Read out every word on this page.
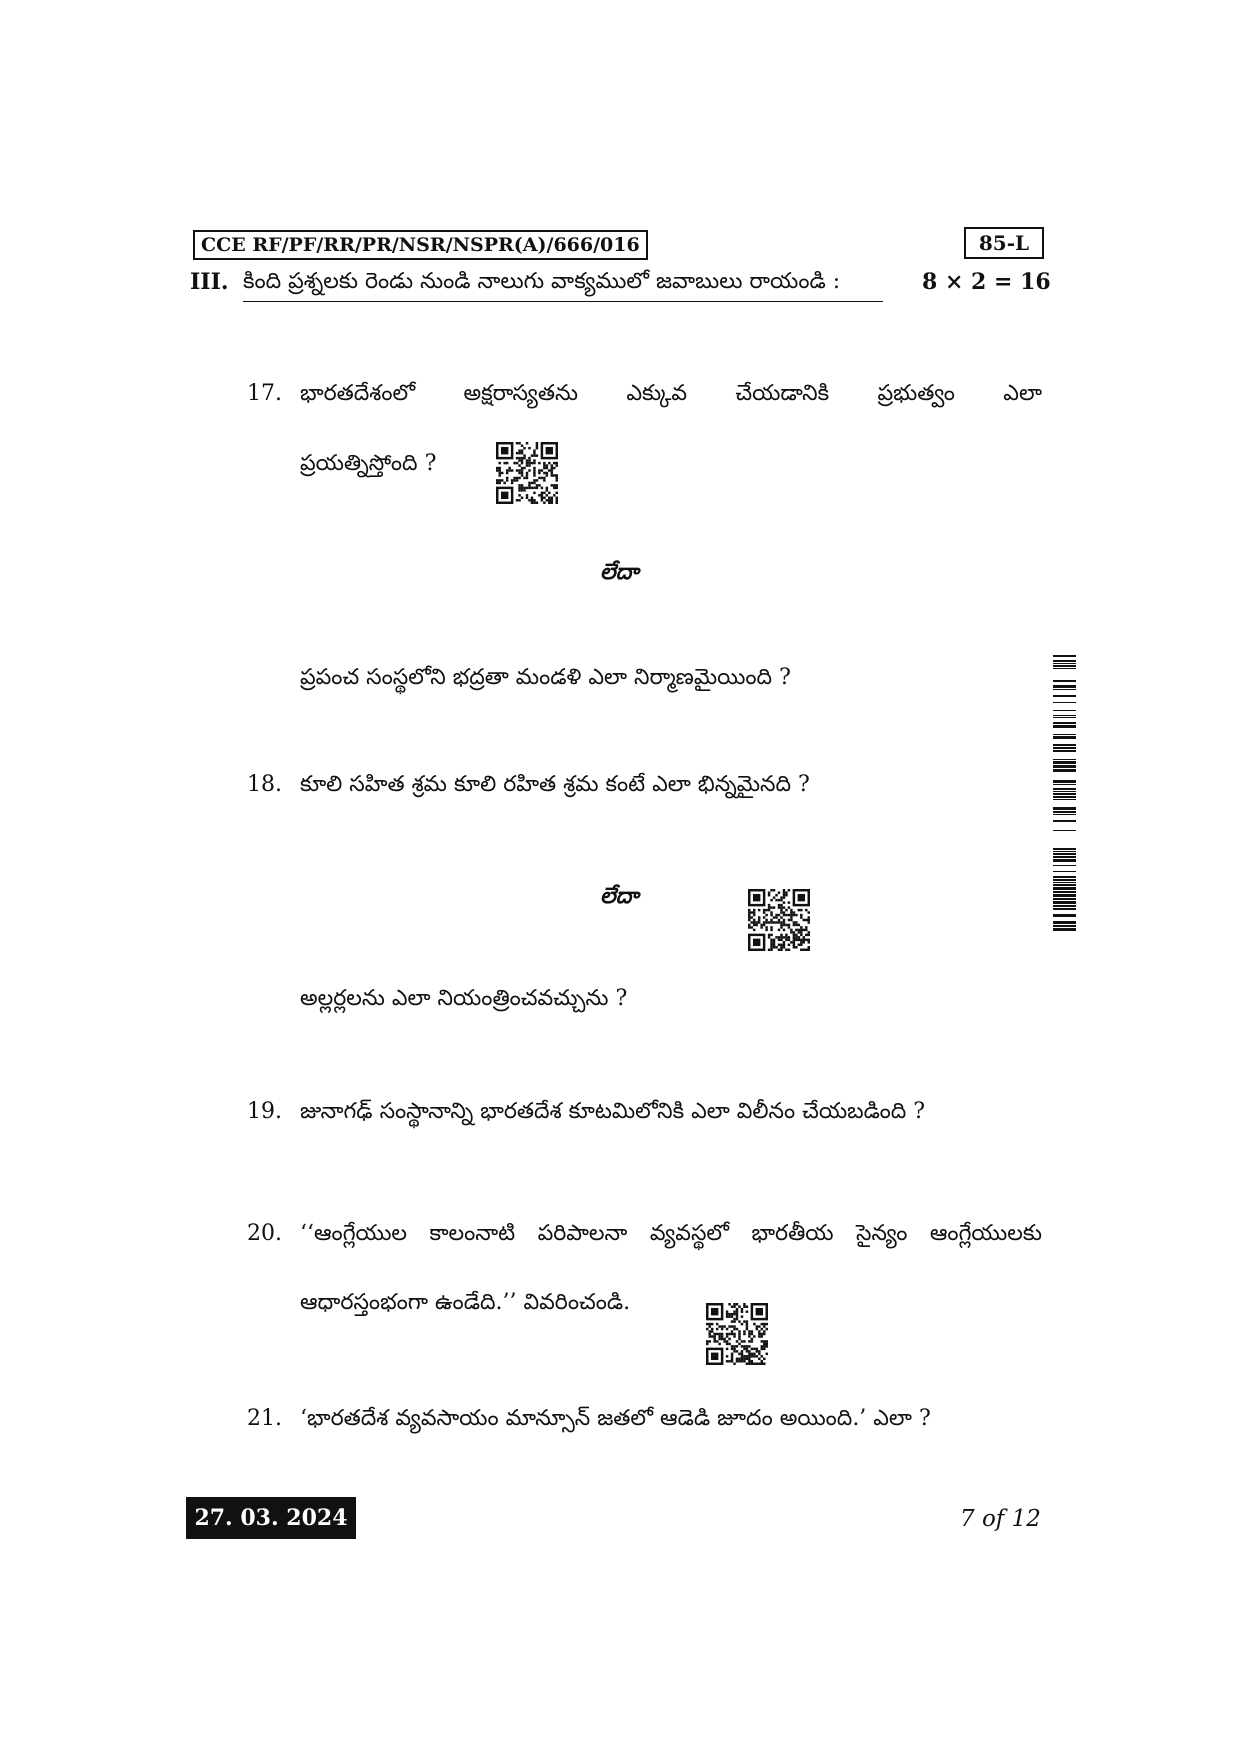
CCE RF/PF/RR/PR/NSR/NSPR(A)/666/016	85-L
III. కింది ప్రశ్నలకు రెండు నుండి నాలుగు వాక్యములో జవాబులు రాయండి :	8 × 2 = 16
17. భారతదేశంలో అక్షరాస్యతను ఎక్కువ చేయడానికి ప్రభుత్వం ఎలా
ప్రయత్నిస్తోంది ?
లేదా
ప్రపంచ సంస్థలోని భద్రతా మండళి ఎలా నిర్మాణమైయింది ?
18. కూలి సహిత శ్రమ కూలి రహిత శ్రమ కంటే ఎలా భిన్నమైనది ?
లేదా
అల్లర్లలను ఎలా నియంత్రించవచ్చును ?
19. జునాగఢ్ సంస్థానాన్ని భారతదేశ కూటమిలోనికి ఎలా విలీనం చేయబడింది ?
20. ‘‘ఆంగ్లేయుల కాలంనాటి పరిపాలనా వ్యవస్థలో భారతీయ సైన్యం ఆంగ్లేయులకు
ఆధారస్తంభంగా ఉండేది.’’ వివరించండి.
21. ‘భారతదేశ వ్యవసాయం మాన్సూన్ జతలో ఆడెడి జూదం అయింది.’ ఎలా ?
27. 03. 2024	7 of 12
